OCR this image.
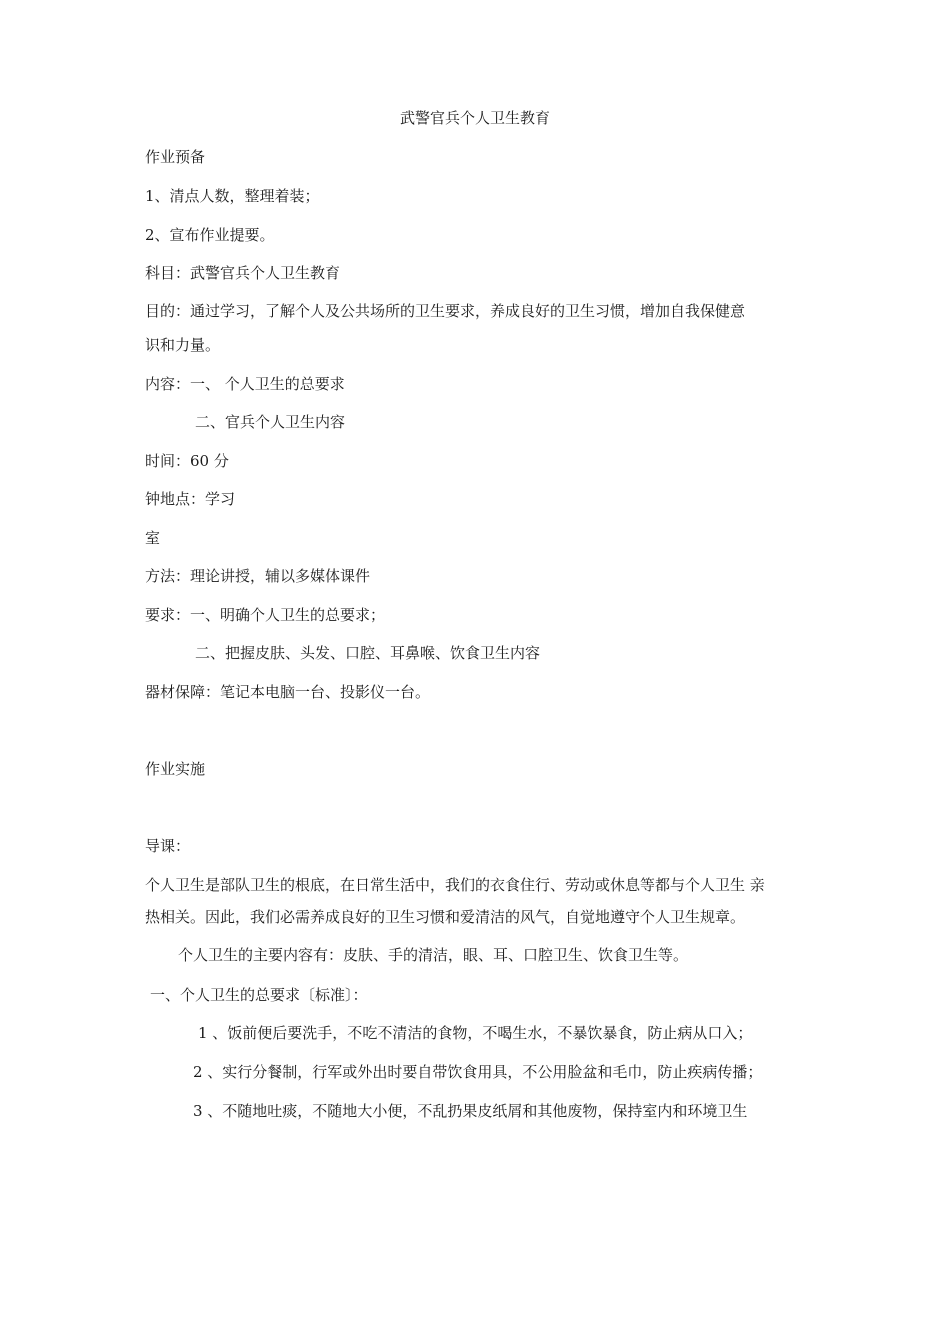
武警官兵个人卫生教育
作业预备
1、清点人数，整理着装；
2、宣布作业提要。
科目：武警官兵个人卫生教育
目的：通过学习，了解个人及公共场所的卫生要求，养成良好的卫生习惯，增加自我保健意
识和力量。
内容：一、 个人卫生的总要求
二、官兵个人卫生内容
时间：60 分
钟地点：学习
室
方法：理论讲授，辅以多媒体课件
要求：一、明确个人卫生的总要求；
二、把握皮肤、头发、口腔、耳鼻喉、饮食卫生内容
器材保障：笔记本电脑一台、投影仪一台。
作业实施
导课：
个人卫生是部队卫生的根底，在日常生活中，我们的衣食住行、劳动或休息等都与个人卫生 亲
热相关。因此，我们必需养成良好的卫生习惯和爱清洁的风气，自觉地遵守个人卫生规章。
个人卫生的主要内容有：皮肤、手的清洁，眼、耳、口腔卫生、饮食卫生等。
一、个人卫生的总要求〔标准〕：
1 、饭前便后要洗手，不吃不清洁的食物，不喝生水，不暴饮暴食，防止病从口入；
2 、实行分餐制，行军或外出时要自带饮食用具，不公用脸盆和毛巾，防止疾病传播；
3 、不随地吐痰，不随地大小便，不乱扔果皮纸屑和其他废物，保持室内和环境卫生
